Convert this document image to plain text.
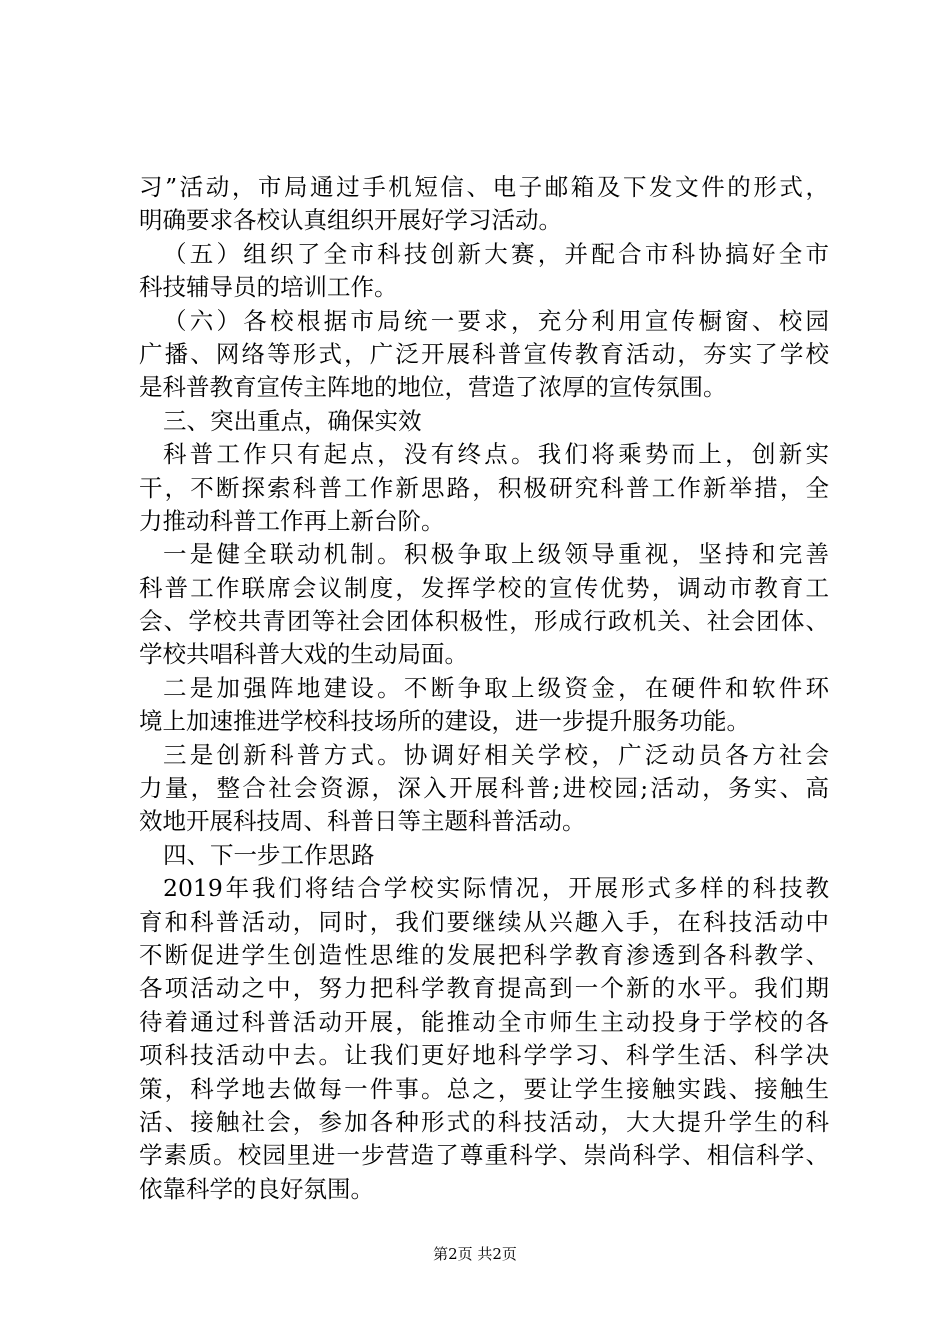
习”活动，市局通过手机短信、电子邮箱及下发文件的形式，
明确要求各校认真组织开展好学习活动。
（五）组织了全市科技创新大赛，并配合市科协搞好全市
科技辅导员的培训工作。
（六）各校根据市局统一要求，充分利用宣传橱窗、校园
广播、网络等形式，广泛开展科普宣传教育活动，夯实了学校
是科普教育宣传主阵地的地位，营造了浓厚的宣传氛围。
三、突出重点，确保实效
科普工作只有起点，没有终点。我们将乘势而上，创新实
干，不断探索科普工作新思路，积极研究科普工作新举措，全
力推动科普工作再上新台阶。
一是健全联动机制。积极争取上级领导重视，坚持和完善
科普工作联席会议制度，发挥学校的宣传优势，调动市教育工
会、学校共青团等社会团体积极性，形成行政机关、社会团体、
学校共唱科普大戏的生动局面。
二是加强阵地建设。不断争取上级资金，在硬件和软件环
境上加速推进学校科技场所的建设，进一步提升服务功能。
三是创新科普方式。协调好相关学校，广泛动员各方社会
力量，整合社会资源，深入开展科普;进校园;活动，务实、高
效地开展科技周、科普日等主题科普活动。
四、下一步工作思路
2019年我们将结合学校实际情况，开展形式多样的科技教
育和科普活动，同时，我们要继续从兴趣入手，在科技活动中
不断促进学生创造性思维的发展把科学教育渗透到各科教学、
各项活动之中，努力把科学教育提高到一个新的水平。我们期
待着通过科普活动开展，能推动全市师生主动投身于学校的各
项科技活动中去。让我们更好地科学学习、科学生活、科学决
策，科学地去做每一件事。总之，要让学生接触实践、接触生
活、接触社会，参加各种形式的科技活动，大大提升学生的科
学素质。校园里进一步营造了尊重科学、崇尚科学、相信科学、
依靠科学的良好氛围。
第2页 共2页
